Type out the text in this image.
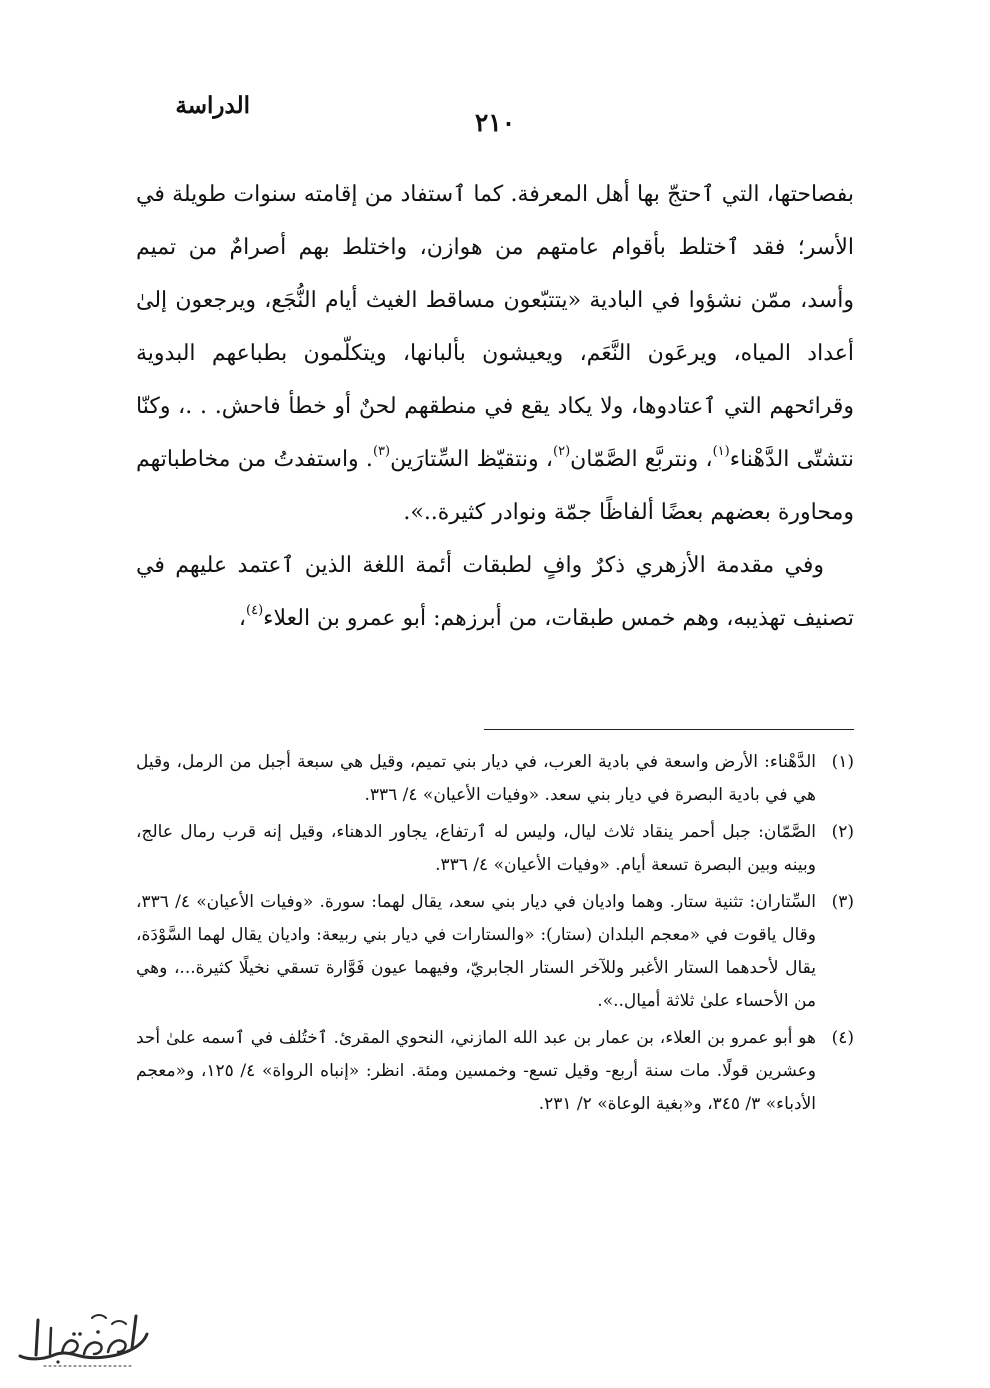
الدراسة
٢١٠

بفصاحتها، التي ٱحتجّ بها أهل المعرفة. كما ٱستفاد من إقامته سنوات طويلة في الأسر؛ فقد ٱختلط بأقوام عامتهم من هوازن، واختلط بهم أصرامٌ من تميم وأسد، ممّن نشؤوا في البادية «يتتبّعون مساقط الغيث أيام النُّجَع، ويرجعون إلىٰ أعداد المياه، ويرعَون النَّعَم، ويعيشون بألبانها، ويتكلّمون بطباعهم البدوية وقرائحهم التي ٱعتادوها، ولا يكاد يقع في منطقهم لحنٌ أو خطأ فاحش. . .، وكنّا نتشتّى الدَّهْناء$^{(١)}$، ونتربَّع الصَّمّان$^{(٢)}$، ونتقيّظ السِّتارَين$^{(٣)}$. واستفدتُ من مخاطباتهم ومحاورة بعضهم بعضًا ألفاظًا جمّة ونوادر كثيرة..».

وفي مقدمة الأزهري ذكرٌ وافٍ لطبقات أئمة اللغة الذين ٱعتمد عليهم في تصنيف تهذيبه، وهم خمس طبقات، من أبرزهم: أبو عمرو بن العلاء$^{(٤)}$،

(١)
الدَّهْناء: الأرض واسعة في بادية العرب، في ديار بني تميم، وقيل هي سبعة أجبل من الرمل، وقيل هي في بادية البصرة في ديار بني سعد. «وفيات الأعيان» ٤/ ٣٣٦.
(٢)
الصَّمّان: جبل أحمر ينقاد ثلاث ليال، وليس له ٱرتفاع، يجاور الدهناء، وقيل إنه قرب رمال عالج، وبينه وبين البصرة تسعة أيام. «وفيات الأعيان» ٤/ ٣٣٦.
(٣)
السِّتاران: تثنية ستار. وهما واديان في ديار بني سعد، يقال لهما: سورة. «وفيات الأعيان» ٤/ ٣٣٦، وقال ياقوت في «معجم البلدان (ستار): «والستارات في ديار بني ربيعة: واديان يقال لهما السَّوْدَة، يقال لأحدهما الستار الأغبر وللآخر الستار الجابريّ، وفيهما عيون فَوَّارة تسقي نخيلًا كثيرة...، وهي من الأحساء علىٰ ثلاثة أميال..».
(٤)
هو أبو عمرو بن العلاء، بن عمار بن عبد الله المازني، النحوي المقرئ. ٱختُلف في ٱسمه علىٰ أحد وعشرين قولًا. مات سنة أربع- وقيل تسع- وخمسين ومئة. انظر: «إنباه الرواة» ٤/ ١٢٥، و«معجم الأدباء» ٣/ ٣٤٥، و«بغية الوعاة» ٢/ ٢٣١.
